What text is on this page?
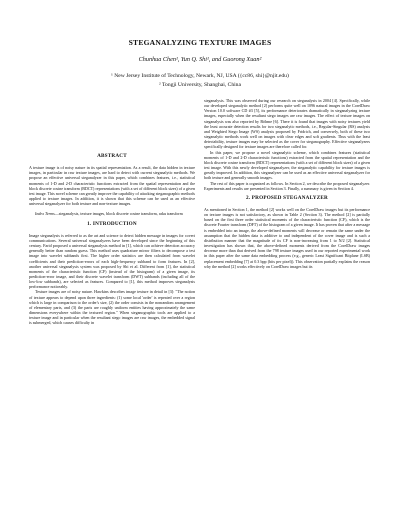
STEGANALYZING TEXTURE IMAGES
Chunhua Chen¹, Yun Q. Shi¹, and Guorong Xuan²
¹ New Jersey Institute of Technology, Newark, NJ, USA ({cc86, shi}@njit.edu)
² Tongji University, Shanghai, China
ABSTRACT

A texture image is of noisy nature in its spatial representation. As a result, the data hidden in texture images, in particular in raw texture images, are hard to detect with current steganalytic methods. We propose an effective universal steganalyzer in this paper, which combines features, i.e., statistical moments of 1-D and 2-D characteristic functions extracted from the spatial representation and the block discrete cosine transform (BDCT) representations (with a set of different block sizes) of a given test image. This novel scheme can greatly improve the capability of attacking steganographic methods applied to texture images. In addition, it is shown that this scheme can be used as an effective universal steganalyzer for both texture and non-texture images.

Index Terms—steganalysis, texture images, block discrete cosine transform, raku transform

1. INTRODUCTION

Image steganalysis is referred to as the art and science to detect hidden message in images for covert communications. Several universal steganalyzers have been developed since the beginning of this century. Farid proposed a universal steganalysis method in [1], which can achieve detection accuracy generally better than random guess. This method uses quadrature mirror filters to decompose a test image into wavelet subbands first. The higher order statistics are then calculated from wavelet coefficients and their prediction-errors of each high-frequency subband to form features. In [2], another universal steganalysis system was proposed by Shi et al. Different from [1], the statistical moments of the characteristic function (CF) (instead of the histogram) of a given image, its prediction-error image, and their discrete wavelet transform (DWT) subbands (including all of the low-low subbands), are selected as features. Compared to [1], this method improves steganalysis performance noticeably.

Texture images are of noisy nature. Hawkins describes image texture in detail in [3]: "The notion of texture appears to depend upon three ingredients: (1) some local 'order' is repeated over a region which is large in comparison to the order's size, (2) the order consists in the nonrandom arrangement of elementary parts, and (3) the parts are roughly uniform entities having approximately the same dimensions everywhere within the textured region." When steganographic tools are applied to a texture image and in particular when the resultant stego images are raw images, the embedded signal is submerged, which causes difficulty in

steganalysis. This was observed during our research on steganalysis in 2004 [4]. Specifically, while our developed steganalytic method [2] performs quite well on 1096 natural images in the CorelDraw Version 10.0 software CD #3 [5], its performance deteriorates dramatically in steganalyzing texture images, especially when the resultant stego images are raw images. The effect of texture images on steganalysis was also reported by Böhme [6]. There it is found that images with noisy textures yield the least accurate detection results for two steganalytic methods, i.e., Regular-Singular (RS) analysis and Weighted Stego Image (WS) analysis proposed by Fridrich, and conversely, both of these two steganalytic methods work well on images with clear edges and soft gradients. Thus with the least detectability, texture images may be selected as the cover for steganography. Effective steganalyzers specifically designed for texture images are therefore called for.

In this paper, we propose a novel steganalytic scheme, which combines features (statistical moments of 1-D and 2-D characteristic functions) extracted from the spatial representation and the block discrete cosine transform (BDCT) representations (with a set of different block sizes) of a given test image. With this newly developed steganalyzer, the steganalytic capability for texture images is greatly improved. In addition, this steganalyzer can be used as an effective universal steganalyzer for both texture and generally smooth images.

The rest of this paper is organized as follows. In Section 2, we describe the proposed steganalyzer. Experiments and results are presented in Section 3. Finally, a summary is given in Section 4.

2. PROPOSED STEGANALYZER

As mentioned in Section 1, the method [2] works well on the CorelDraw images but its performance on texture images is not satisfactory, as shown in Table 2 (Section 3). The method [2] is partially based on the first three order statistical moments of the characteristic function (CF), which is the discrete Fourier transform (DFT) of the histogram of a given image. It has proven that after a message is embedded into an image, the above-defined moments will decrease or remain the same under the assumption that the hidden data is additive to and independent of the cover image and is such a distribution manner that the magnitude of its CF is non-increasing from 1 to N/2 [2]. Statistical investigation has shown that, the above-defined moments derived from the CorelDraw images decrease more than that derived from the 798 texture images used in our reported experimental work in this paper after the same data embedding process (e.g., generic Least Significant Bitplane (LSB) replacement embedding [7] at 0.3 bpp (bits per pixel)). This observation partially explains the reason why the method [2] works effectively on CorelDraw images but its
